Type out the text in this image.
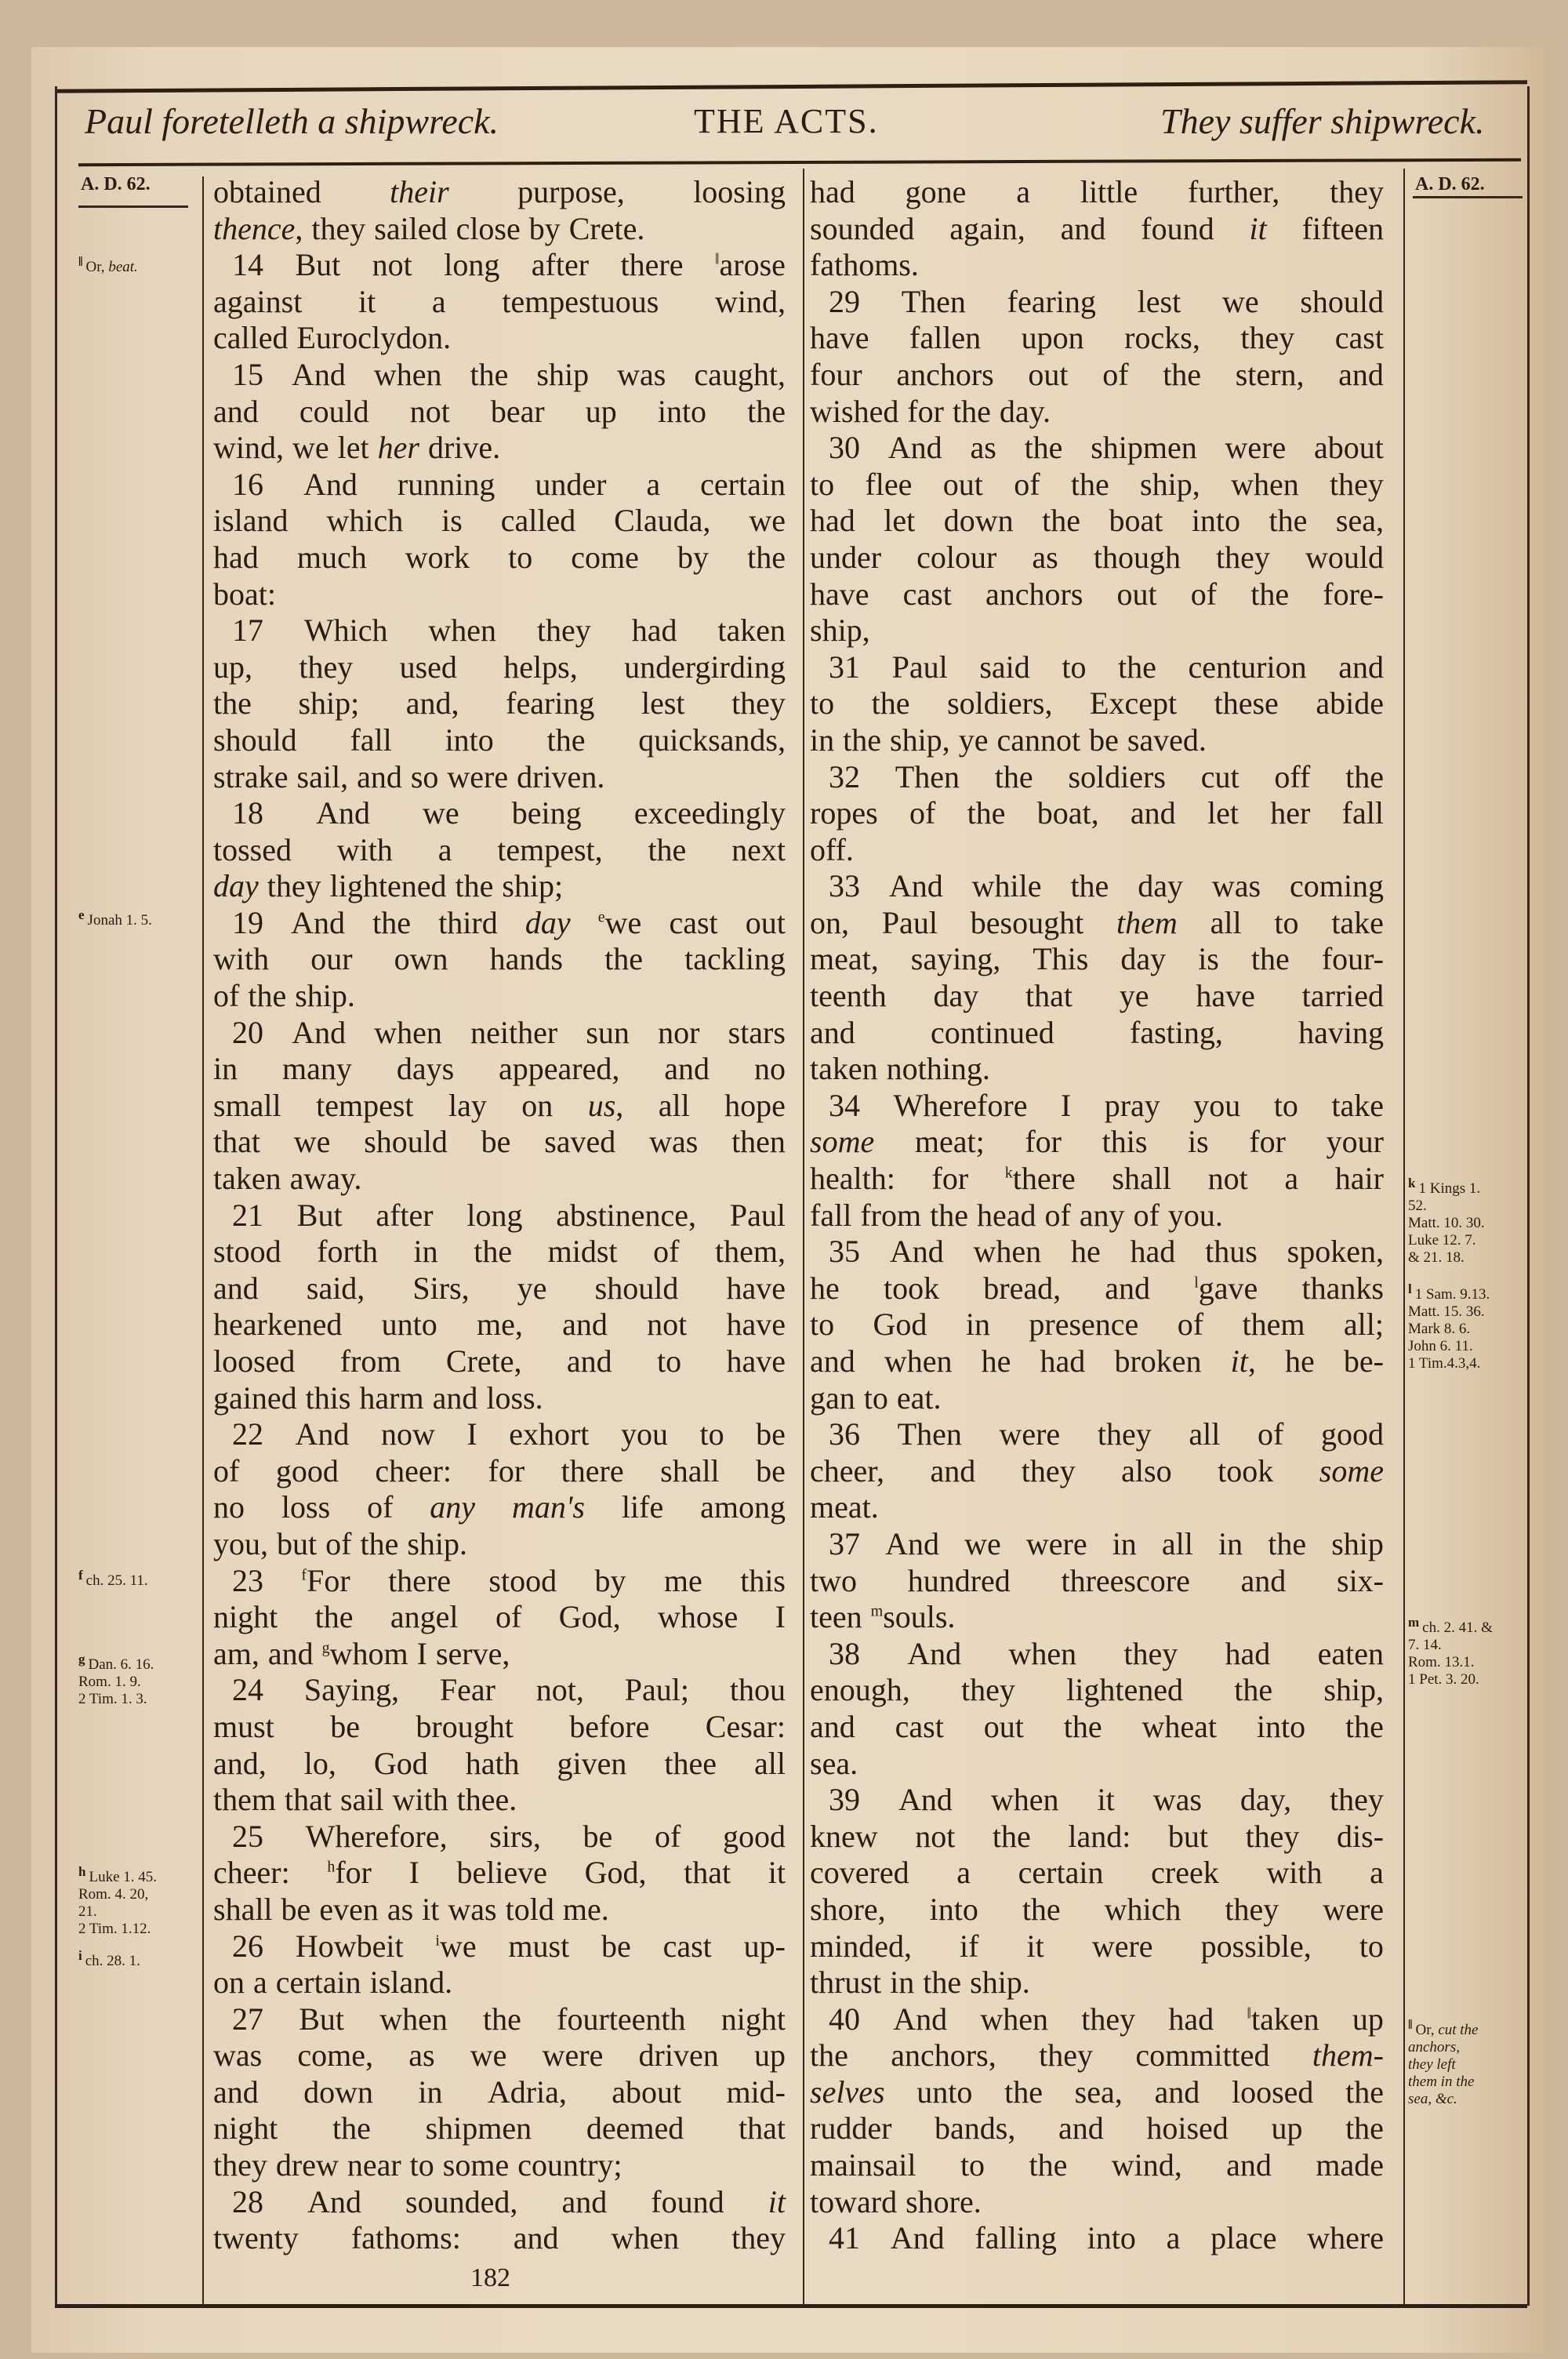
Paul foretelleth a shipwreck.	THE ACTS.	They suffer shipwreck.
A. D. 62.	A. D. 62.
obtained their purpose, loosing
thence, they sailed close by Crete.
14 But not long after there ‖arose
against it a tempestuous wind,
called Euroclydon.
15 And when the ship was caught,
and could not bear up into the
wind, we let her drive.
16 And running under a certain
island which is called Clauda, we
had much work to come by the
boat:
17 Which when they had taken
up, they used helps, undergirding
the ship; and, fearing lest they
should fall into the quicksands,
strake sail, and so were driven.
18 And we being exceedingly
tossed with a tempest, the next
day they lightened the ship;
19 And the third day $^e$we cast out
with our own hands the tackling
of the ship.
20 And when neither sun nor stars
in many days appeared, and no
small tempest lay on us, all hope
that we should be saved was then
taken away.
21 But after long abstinence, Paul
stood forth in the midst of them,
and said, Sirs, ye should have
hearkened unto me, and not have
loosed from Crete, and to have
gained this harm and loss.
22 And now I exhort you to be
of good cheer: for there shall be
no loss of any man's life among
you, but of the ship.
23 $^f$For there stood by me this
night the angel of God, whose I
am, and $^g$whom I serve,
24 Saying, Fear not, Paul; thou
must be brought before Cesar:
and, lo, God hath given thee all
them that sail with thee.
25 Wherefore, sirs, be of good
cheer: $^h$for I believe God, that it
shall be even as it was told me.
26 Howbeit $^i$we must be cast up-
on a certain island.
27 But when the fourteenth night
was come, as we were driven up
and down in Adria, about mid-
night the shipmen deemed that
they drew near to some country;
28 And sounded, and found it
twenty fathoms: and when they
had gone a little further, they
sounded again, and found it fifteen
fathoms.
29 Then fearing lest we should
have fallen upon rocks, they cast
four anchors out of the stern, and
wished for the day.
30 And as the shipmen were about
to flee out of the ship, when they
had let down the boat into the sea,
under colour as though they would
have cast anchors out of the fore-
ship,
31 Paul said to the centurion and
to the soldiers, Except these abide
in the ship, ye cannot be saved.
32 Then the soldiers cut off the
ropes of the boat, and let her fall
off.
33 And while the day was coming
on, Paul besought them all to take
meat, saying, This day is the four-
teenth day that ye have tarried
and continued fasting, having
taken nothing.
34 Wherefore I pray you to take
some meat; for this is for your
health: for $^k$there shall not a hair
fall from the head of any of you.
35 And when he had thus spoken,
he took bread, and	$^l$gave thanks
to God in presence of them all;
and when he had broken it, he be-
gan to eat.
36 Then were they all of good
cheer, and they also took some
meat.
37 And we were in all in the ship
two hundred threescore and six-
teen $^m$souls.
38 And when they had eaten
enough, they lightened the ship,
and cast out the wheat into the
sea.
39 And when it was day, they
knew not the land: but they dis-
covered a certain creek with a
shore, into the which they were
minded, if it were possible, to
thrust in the ship.
40 And when they had ‖taken up
the anchors, they committed them-
selves unto the sea, and loosed the
rudder bands, and hoised up the
mainsail to the wind, and made
toward shore.
41 And falling into a place where
‖ Or, beat.
e Jonah 1. 5.
f ch. 25. 11.
g Dan. 6. 16.
Rom. 1. 9.
2 Tim. 1. 3.
h Luke 1. 45.
Rom. 4. 20,
21.
2 Tim. 1.12.
i ch. 28. 1.
k 1 Kings 1.
52.
Matt. 10. 30.
Luke 12. 7.
& 21. 18.
l 1 Sam. 9.13.
Matt. 15. 36.
Mark 8. 6.
John 6. 11.
1 Tim.4.3,4.
m ch. 2. 41. &
7. 14.
Rom. 13.1.
1 Pet. 3. 20.
‖ Or, cut the
anchors,
they left
them in the
sea, &c.
182
